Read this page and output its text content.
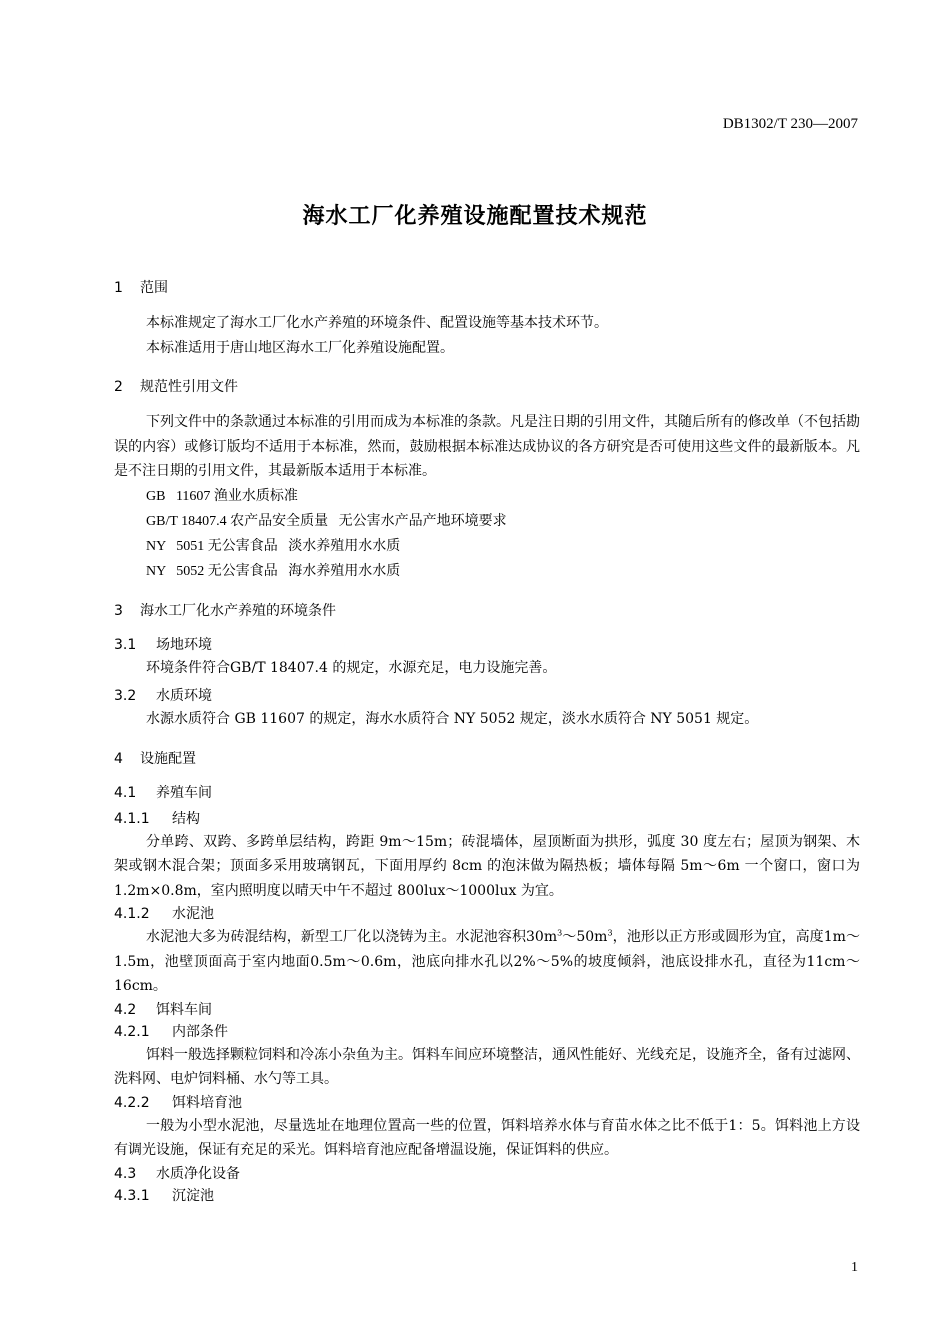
DB1302/T 230—2007
海水工厂化养殖设施配置技术规范
1 范围
本标准规定了海水工厂化水产养殖的环境条件、配置设施等基本技术环节。
本标准适用于唐山地区海水工厂化养殖设施配置。
2 规范性引用文件
下列文件中的条款通过本标准的引用而成为本标准的条款。凡是注日期的引用文件，其随后所有的修改单（不包括勘误的内容）或修订版均不适用于本标准，然而，鼓励根据本标准达成协议的各方研究是否可使用这些文件的最新版本。凡是不注日期的引用文件，其最新版本适用于本标准。
GB   11607 渔业水质标准
GB/T 18407.4 农产品安全质量   无公害水产品产地环境要求
NY   5051 无公害食品   淡水养殖用水水质
NY   5052 无公害食品   海水养殖用水水质
3 海水工厂化水产养殖的环境条件
3.1 场地环境
环境条件符合GB/T 18407.4 的规定，水源充足，电力设施完善。
3.2 水质环境
水源水质符合 GB 11607 的规定，海水水质符合 NY 5052 规定，淡水水质符合 NY 5051 规定。
4 设施配置
4.1 养殖车间
4.1.1 结构
分单跨、双跨、多跨单层结构，跨距 9m～15m；砖混墙体，屋顶断面为拱形，弧度 30 度左右；屋顶为钢架、木架或钢木混合架；顶面多采用玻璃钢瓦，下面用厚约 8cm 的泡沫做为隔热板；墙体每隔 5m～6m 一个窗口，窗口为 1.2m×0.8m，室内照明度以晴天中午不超过 800lux～1000lux 为宜。
4.1.2 水泥池
水泥池大多为砖混结构，新型工厂化以浇铸为主。水泥池容积$30m^3\sim 50m^3$，池形以正方形或圆形为宜，高度1m～1.5m，池壁顶面高于室内地面0.5m～0.6m，池底向排水孔以2%～5%的坡度倾斜，池底设排水孔，直径为11cm～16cm。
4.2 饵料车间
4.2.1 内部条件
饵料一般选择颗粒饲料和冷冻小杂鱼为主。饵料车间应环境整洁，通风性能好、光线充足，设施齐全，备有过滤网、洗料网、电炉饲料桶、水勺等工具。
4.2.2 饵料培育池
一般为小型水泥池，尽量选址在地理位置高一些的位置，饵料培养水体与育苗水体之比不低于1：5。饵料池上方设有调光设施，保证有充足的采光。饵料培育池应配备增温设施，保证饵料的供应。
4.3 水质净化设备
4.3.1 沉淀池
1
